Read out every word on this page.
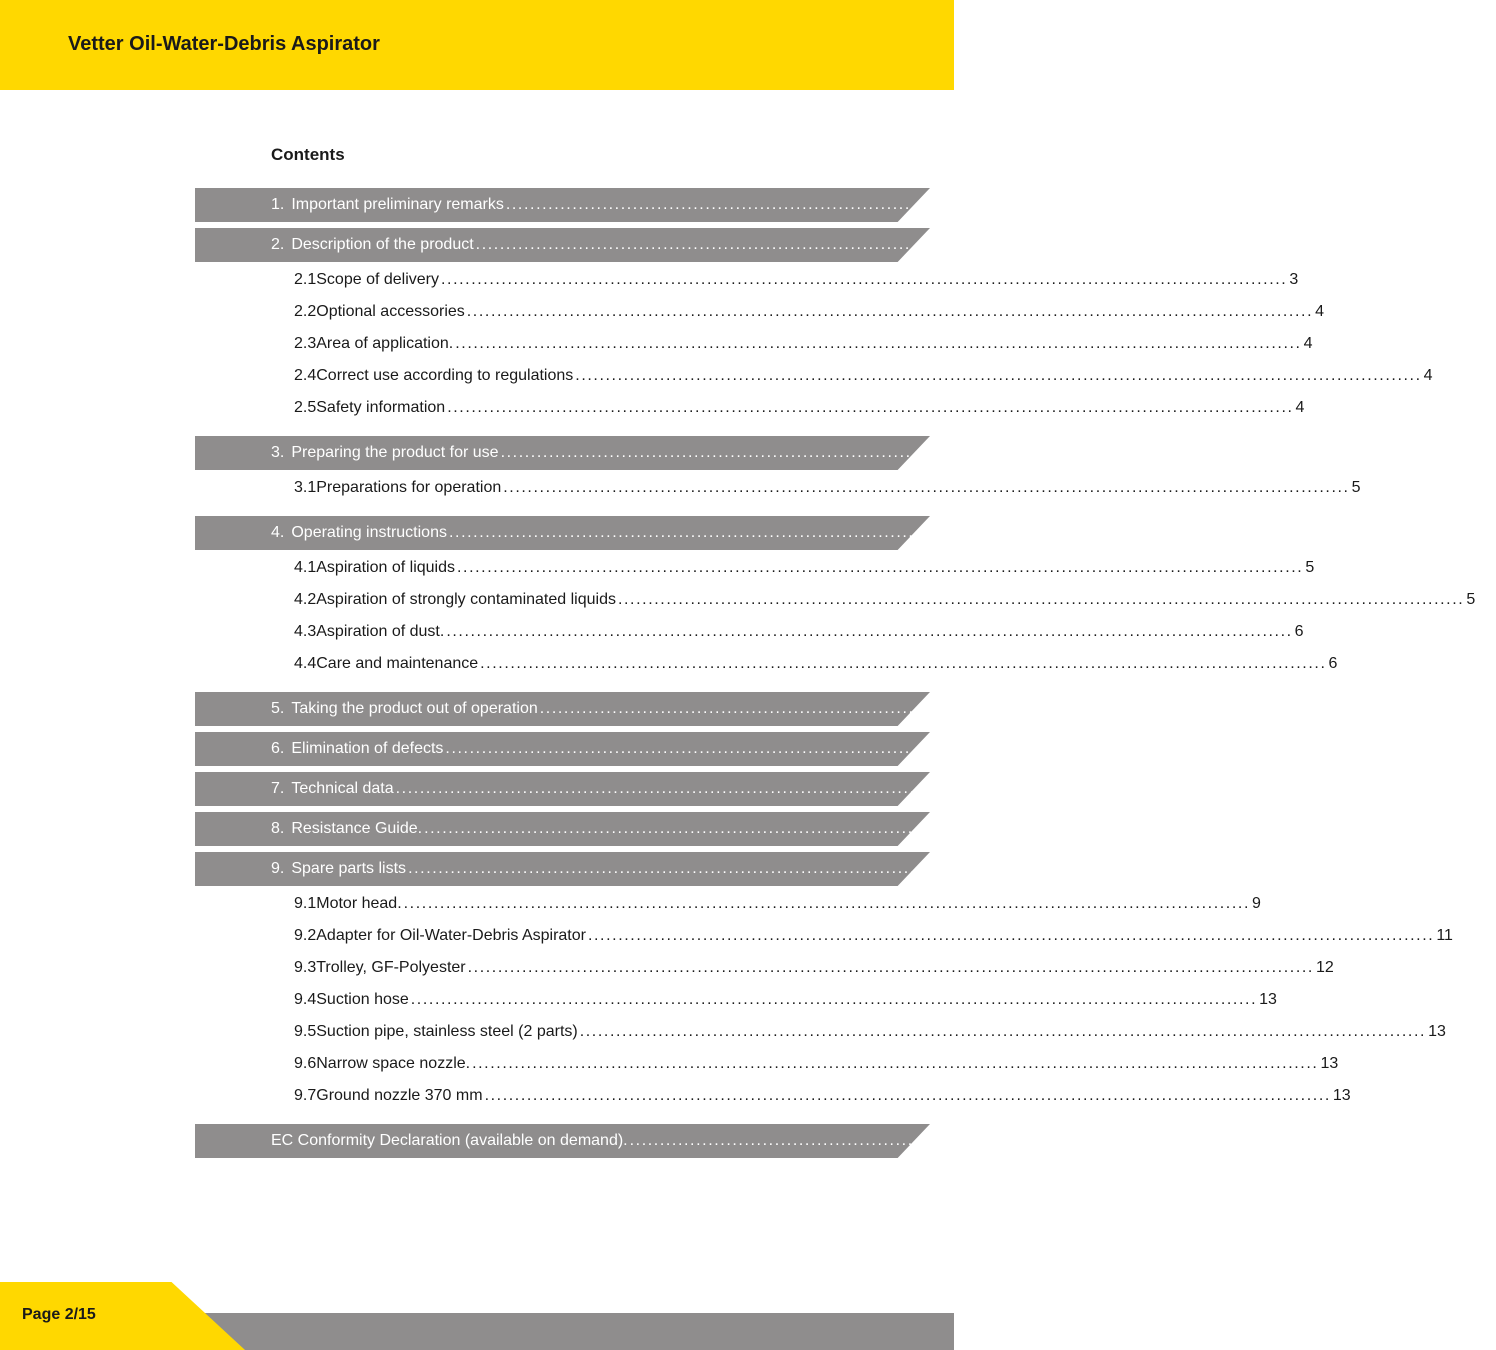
Vetter Oil-Water-Debris Aspirator
Contents
1. Important preliminary remarks ............................................................................................................................................ 3
2. Description of the product ............................................................................................................................................ 3
2.1 Scope of delivery ............................................................................................................................................ 3
2.2 Optional accessories ............................................................................................................................................ 4
2.3 Area of application. ............................................................................................................................................ 4
2.4 Correct use according to regulations ............................................................................................................................................ 4
2.5 Safety information ............................................................................................................................................ 4
3. Preparing the product for use ............................................................................................................................................ 5
3.1 Preparations for operation ............................................................................................................................................ 5
4. Operating instructions ............................................................................................................................................ 5
4.1 Aspiration of liquids ............................................................................................................................................ 5
4.2 Aspiration of strongly contaminated liquids ............................................................................................................................................ 5
4.3 Aspiration of dust. ............................................................................................................................................ 6
4.4 Care and maintenance ............................................................................................................................................ 6
5. Taking the product out of operation ............................................................................................................................................ 6
6. Elimination of defects ............................................................................................................................................ 7
7. Technical data ............................................................................................................................................ 7
8. Resistance Guide. ............................................................................................................................................ 8
9. Spare parts lists ............................................................................................................................................ 8
9.1 Motor head. ............................................................................................................................................ 9
9.2 Adapter for Oil-Water-Debris Aspirator ............................................................................................................................................ 11
9.3 Trolley, GF-Polyester ............................................................................................................................................ 12
9.4 Suction hose ............................................................................................................................................ 13
9.5 Suction pipe, stainless steel (2 parts) ............................................................................................................................................ 13
9.6 Narrow space nozzle. ............................................................................................................................................ 13
9.7 Ground nozzle 370 mm ............................................................................................................................................ 13
EC Conformity Declaration (available on demand). ............................................................................................................................................ 14
Page 2/15
